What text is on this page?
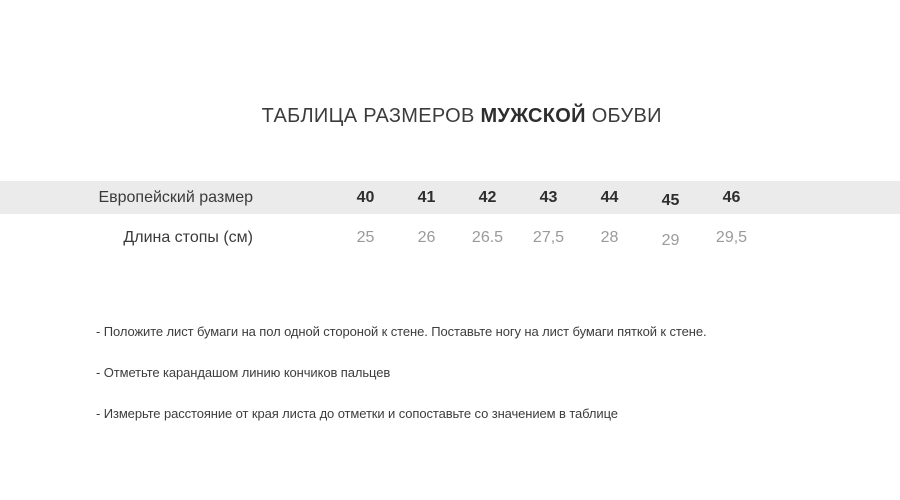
ТАБЛИЦА РАЗМЕРОВ МУЖСКОЙ ОБУВИ

Европейский размер	40	41	42	43	44	45	46
Длина стопы (см)	25	26	26.5	27,5	28	29	29,5
- Положите лист бумаги на пол одной стороной к стене. Поставьте ногу на лист бумаги пяткой к стене.
- Отметьте карандашом линию кончиков пальцев
- Измерьте расстояние от края листа до отметки и сопоставьте со значением в таблице
